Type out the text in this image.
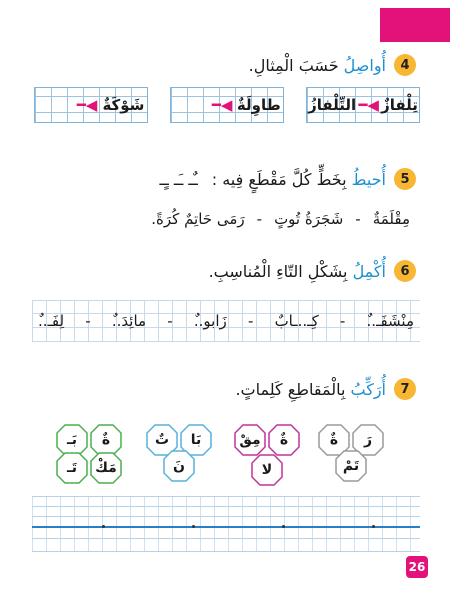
4
أُواصِلُ حَسَبَ الْمِثالِ.
تِلْفازٌ
◀━
التِّلْفازُ
طاوِلَةٌ
◀━
شَوْكَةٌ
◀━
5
أُحيطُ بِخَطٍّ كُلَّ مَقْطَعٍ فِيه :
ـٌـ ـَـ ـٍـ
مِقْلَمَةٌ
-
شَجَرَةُ تُوتٍ
-
رَمَى حَاتِمٌ كُرَةً.
6
أُكْمِلُ بِشَكْلِ التّاءِ الْمُناسِبِ.
مِنْشَفَـ..ٌ
-
كِـ..ـابٌ
-
زَابو..ٌ
-
مائِدَ..ٌ
-
لِفَـ..ٌ
7
أُرَكِّبُ بِالْمَقاطِعِ كَلِماتٍ.
رَ
ةٌ
تَمْ
ةٌ
مِقْ
لا
بَا
تٌ
نَ
ةٌ
بَـ
مَكْ
تَـ
26
